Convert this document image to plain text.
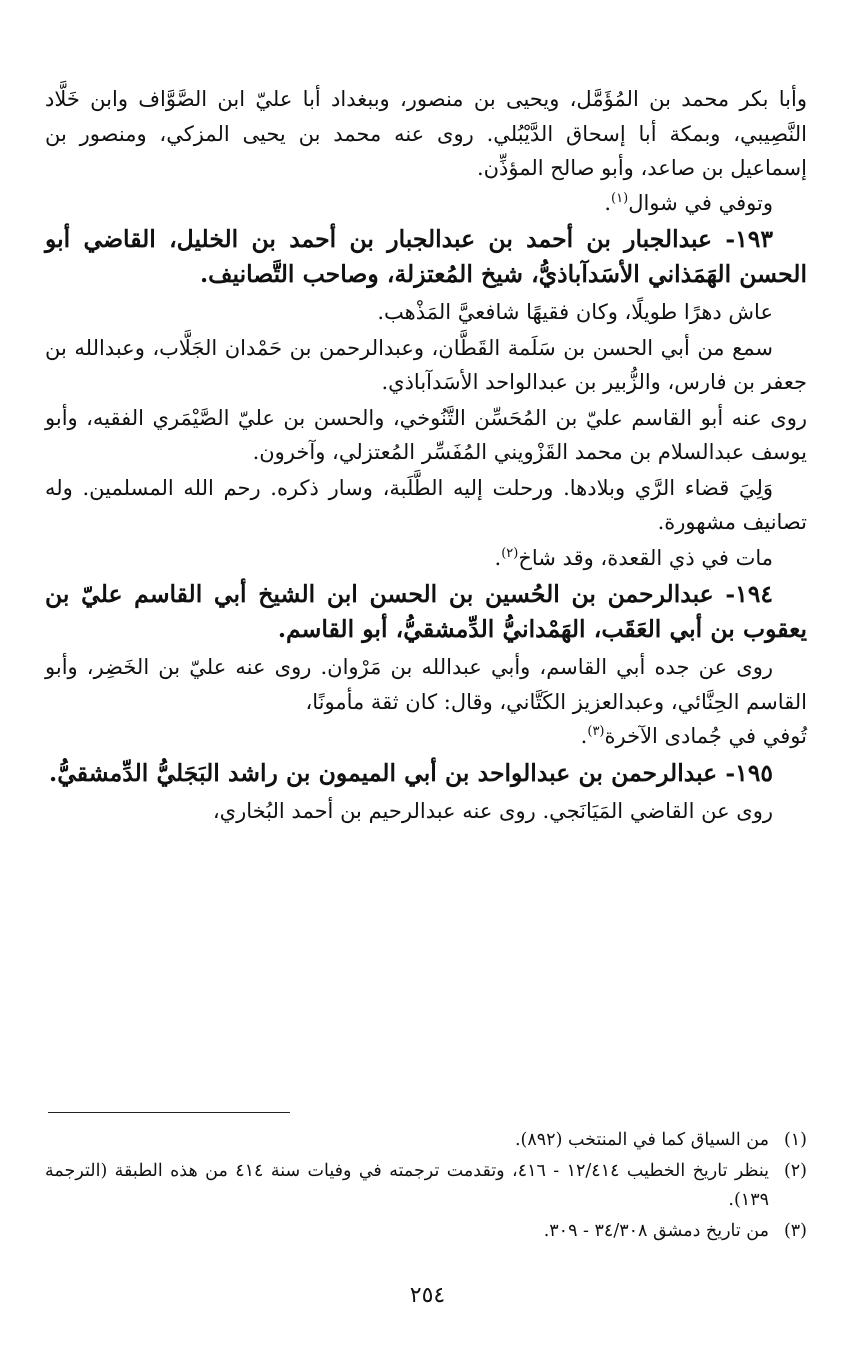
وأبا بكر محمد بن المُؤَمَّل، ويحيى بن منصور، وببغداد أبا عليّ ابن الصَّوَّاف وابن خَلَّاد النَّصِيبي، وبمكة أبا إسحاق الدَّيْبُلي. روى عنه محمد بن يحيى المزكي، ومنصور بن إسماعيل بن صاعد، وأبو صالح المؤذِّن.

وتوفي في شوال$^{(١)}$.

١٩٣- عبدالجبار بن أحمد بن عبدالجبار بن أحمد بن الخليل، القاضي أبو الحسن الهَمَذاني الأسَدآباذيُّ، شيخ المُعتزلة، وصاحب التَّصانيف.

عاش دهرًا طويلًا، وكان فقيهًا شافعيَّ المَذْهب.

سمع من أبي الحسن بن سَلَمة القَطَّان، وعبدالرحمن بن حَمْدان الجَلَّاب، وعبدالله بن جعفر بن فارس، والزُّبير بن عبدالواحد الأسَدآباذي.

روى عنه أبو القاسم عليّ بن المُحَسِّن التَّنُوخي، والحسن بن عليّ الصَّيْمَري الفقيه، وأبو يوسف عبدالسلام بن محمد القَزْويني المُفَسِّر المُعتزلي، وآخرون.

وَلِيَ قضاء الرَّي وبلادها. ورحلت إليه الطَّلَبة، وسار ذكره. رحم الله المسلمين. وله تصانيف مشهورة.

مات في ذي القعدة، وقد شاخ$^{(٢)}$.

١٩٤- عبدالرحمن بن الحُسين بن الحسن ابن الشيخ أبي القاسم عليّ بن يعقوب بن أبي العَقَب، الهَمْدانيُّ الدِّمشقيُّ، أبو القاسم.

روى عن جده أبي القاسم، وأبي عبدالله بن مَرْوان. روى عنه عليّ بن الخَضِر، وأبو القاسم الحِنَّائي، وعبدالعزيز الكَتَّاني، وقال: كان ثقة مأمونًا،

تُوفي في جُمادى الآخرة$^{(٣)}$.

١٩٥- عبدالرحمن بن عبدالواحد بن أبي الميمون بن راشد البَجَليُّ الدِّمشقيُّ.

روى عن القاضي المَيَانَجي. روى عنه عبدالرحيم بن أحمد البُخاري،

(١)
من السياق كما في المنتخب (٨٩٢).
(٢)
ينظر تاريخ الخطيب ١٢/٤١٤ - ٤١٦، وتقدمت ترجمته في وفيات سنة ٤١٤ من هذه الطبقة (الترجمة ١٣٩).
(٣)
من تاريخ دمشق ٣٤/٣٠٨ - ٣٠٩.
٢٥٤
